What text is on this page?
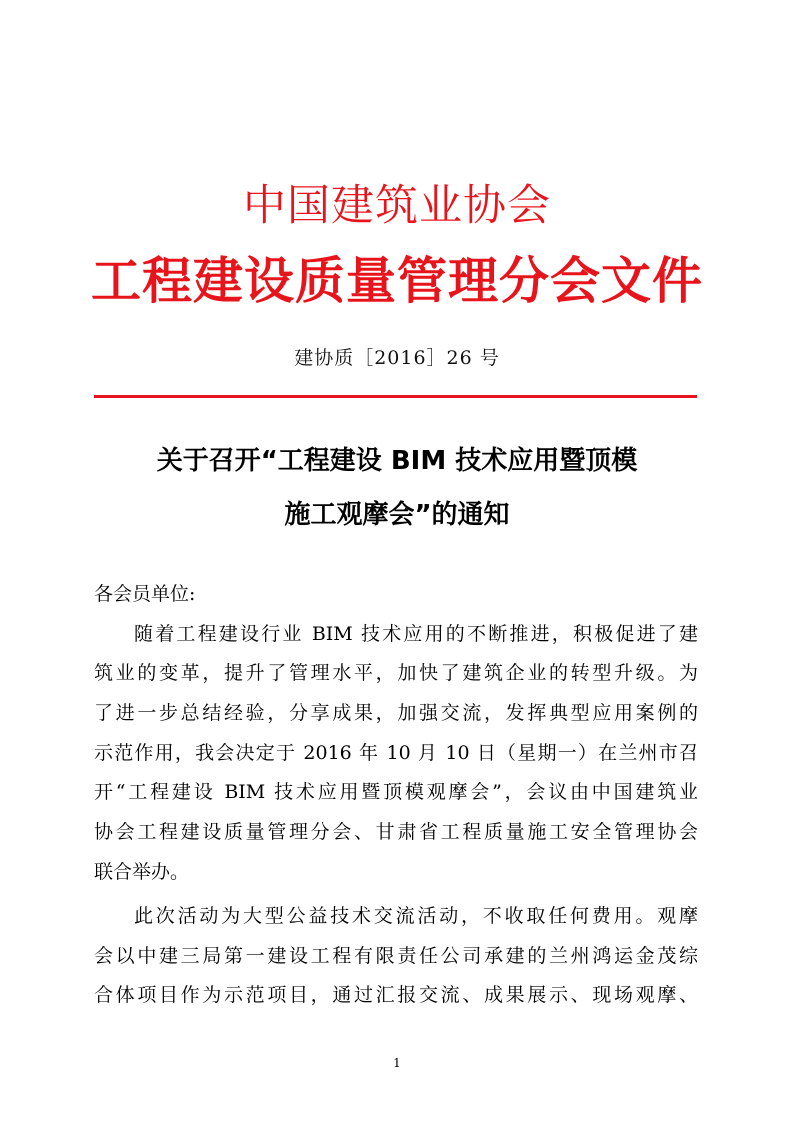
中国建筑业协会
工程建设质量管理分会文件
建协质［2016］26 号
关于召开“工程建设 BIM 技术应用暨顶模
施工观摩会”的通知
各会员单位:
随着工程建设行业 BIM 技术应用的不断推进，积极促进了建
筑业的变革，提升了管理水平，加快了建筑企业的转型升级。为
了进一步总结经验，分享成果，加强交流，发挥典型应用案例的
示范作用，我会决定于 2016 年 10 月 10 日（星期一）在兰州市召
开“工程建设 BIM 技术应用暨顶模观摩会”，会议由中国建筑业
协会工程建设质量管理分会、甘肃省工程质量施工安全管理协会
联合举办。
此次活动为大型公益技术交流活动，不收取任何费用。观摩
会以中建三局第一建设工程有限责任公司承建的兰州鸿运金茂综
合体项目作为示范项目，通过汇报交流、成果展示、现场观摩、
1
